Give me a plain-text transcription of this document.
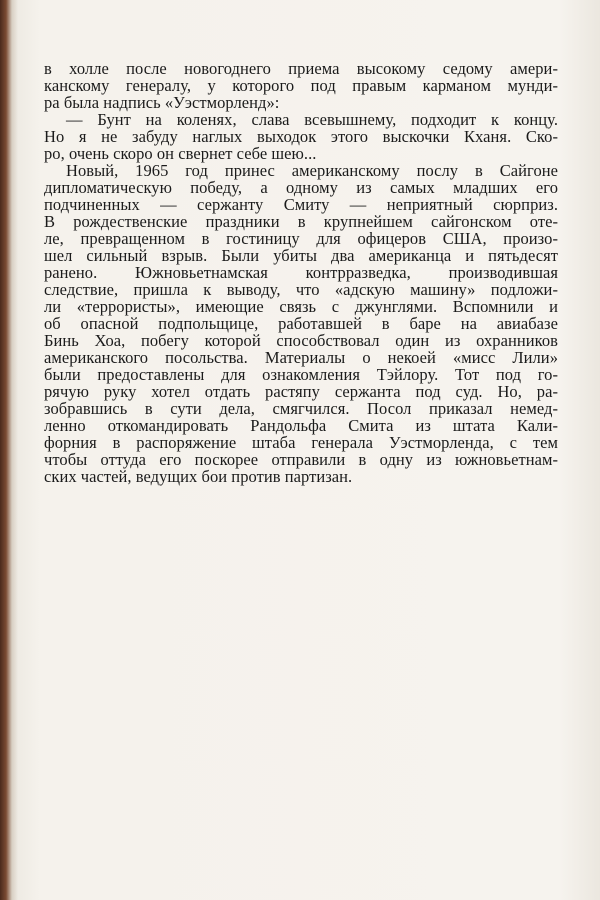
в холле после новогоднего приема высокому седому амери-
канскому генералу, у которого под правым карманом мунди-
ра была надпись «Уэстморленд»:
— Бунт на коленях, слава всевышнему, подходит к концу.
Но я не забуду наглых выходок этого выскочки Кханя. Ско-
ро, очень скоро он свернет себе шею...
Новый, 1965 год принес американскому послу в Сайгоне
дипломатическую победу, а одному из самых младших его
подчиненных — сержанту Смиту — неприятный сюрприз.
В рождественские праздники в крупнейшем сайгонском оте-
ле, превращенном в гостиницу для офицеров США, произо-
шел сильный взрыв. Были убиты два американца и пятьдесят
ранено. Южновьетнамская контрразведка, производившая
следствие, пришла к выводу, что «адскую машину» подложи-
ли «террористы», имеющие связь с джунглями. Вспомнили и
об опасной подпольщице, работавшей в баре на авиабазе
Бинь Хоа, побегу которой способствовал один из охранников
американского посольства. Материалы о некоей «мисс Лили»
были предоставлены для ознакомления Тэйлору. Тот под го-
рячую руку хотел отдать растяпу сержанта под суд. Но, ра-
зобравшись в сути дела, смягчился. Посол приказал немед-
ленно откомандировать Рандольфа Смита из штата Кали-
форния в распоряжение штаба генерала Уэстморленда, с тем
чтобы оттуда его поскорее отправили в одну из южновьетнам-
ских частей, ведущих бои против партизан.
